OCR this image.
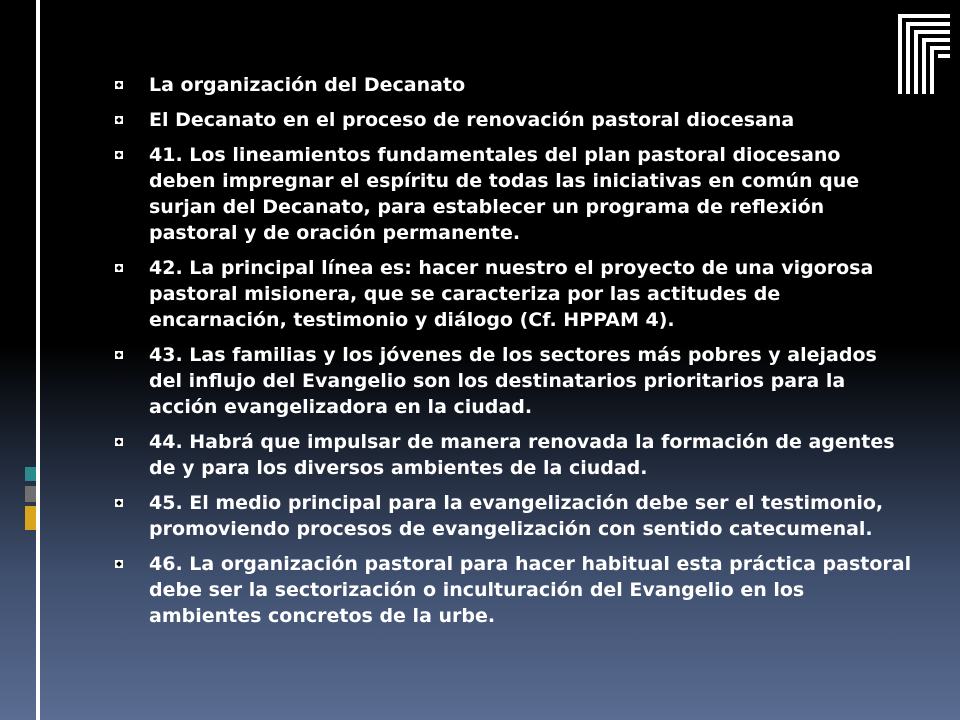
La organización del Decanato
El Decanato en el proceso de renovación pastoral diocesana
41. Los lineamientos fundamentales del plan pastoral diocesano deben impregnar el espíritu de todas las iniciativas en común que surjan del Decanato, para establecer un programa de reflexión pastoral y de oración permanente.
42. La principal línea es: hacer nuestro el proyecto de una vigorosa pastoral misionera, que se caracteriza por las actitudes de encarnación, testimonio y diálogo (Cf. HPPAM 4).
43. Las familias y los jóvenes de los sectores más pobres y alejados del influjo del Evangelio son los destinatarios prioritarios para la acción evangelizadora en la ciudad.
44. Habrá que impulsar de manera renovada la formación de agentes de y para los diversos ambientes de la ciudad.
45. El medio principal para la evangelización debe ser el testimonio, promoviendo procesos de evangelización con sentido catecumenal.
46. La organización pastoral para hacer habitual esta práctica pastoral debe ser la sectorización o inculturación del Evangelio en los ambientes concretos de la urbe.
